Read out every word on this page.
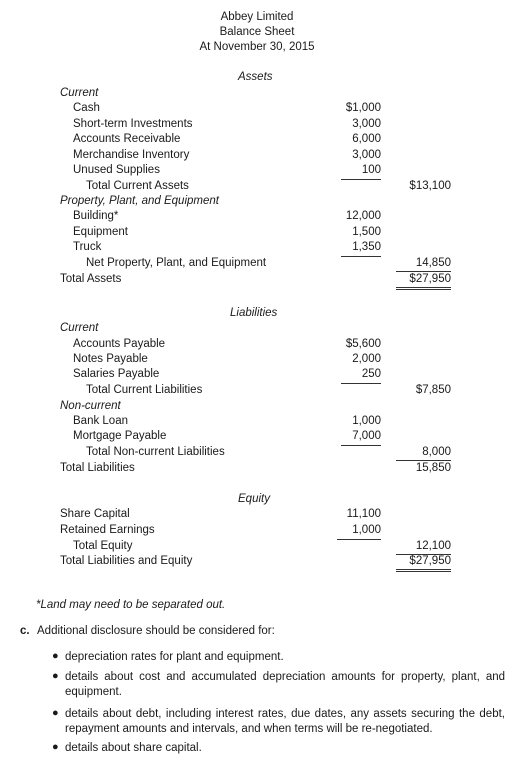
Abbey Limited
Balance Sheet
At November 30, 2015
Assets
Current
Cash	$1,000
Short-term Investments	3,000
Accounts Receivable	6,000
Merchandise Inventory	3,000
Unused Supplies	100
Total Current Assets	$13,100
Property, Plant, and Equipment
Building*	12,000
Equipment	1,500
Truck	1,350
Net Property, Plant, and Equipment	14,850
Total Assets	$27,950
Liabilities
Current
Accounts Payable	$5,600
Notes Payable	2,000
Salaries Payable	250
Total Current Liabilities	$7,850
Non-current
Bank Loan	1,000
Mortgage Payable	7,000
Total Non-current Liabilities	8,000
Total Liabilities	15,850
Equity
Share Capital	11,100
Retained Earnings	1,000
Total Equity	12,100
Total Liabilities and Equity	$27,950
*Land may need to be separated out.
c. Additional disclosure should be considered for:
● depreciation rates for plant and equipment.
● details about cost and accumulated depreciation amounts for property, plant, and equipment.
● details about debt, including interest rates, due dates, any assets securing the debt, repayment amounts and intervals, and when terms will be re-negotiated.
● details about share capital.
